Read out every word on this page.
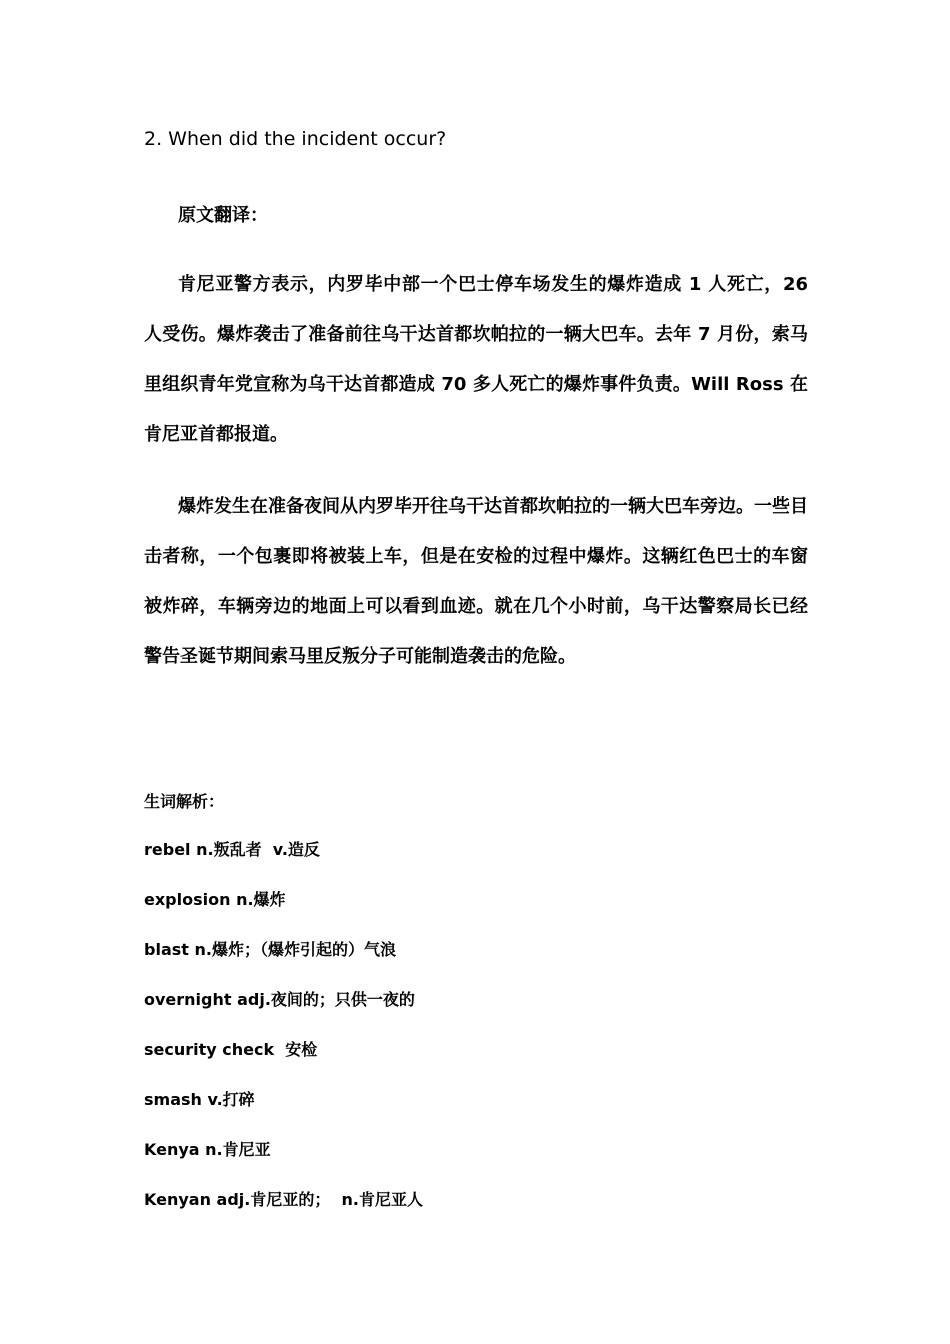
2. When did the incident occur?
原文翻译：

肯尼亚警方表示，内罗毕中部一个巴士停车场发生的爆炸造成 1 人死亡，26 人受伤。爆炸袭击了准备前往乌干达首都坎帕拉的一辆大巴车。去年 7 月份，索马里组织青年党宣称为乌干达首都造成 70 多人死亡的爆炸事件负责。Will Ross 在肯尼亚首都报道。

爆炸发生在准备夜间从内罗毕开往乌干达首都坎帕拉的一辆大巴车旁边。一些目击者称，一个包裹即将被装上车，但是在安检的过程中爆炸。这辆红色巴士的车窗被炸碎，车辆旁边的地面上可以看到血迹。就在几个小时前，乌干达警察局长已经警告圣诞节期间索马里反叛分子可能制造袭击的危险。

生词解析：
rebel n.叛乱者  v.造反
explosion n.爆炸
blast n.爆炸；（爆炸引起的）气浪
overnight adj.夜间的；只供一夜的
security check  安检
smash v.打碎
Kenya n.肯尼亚
Kenyan adj.肯尼亚的；  n.肯尼亚人
